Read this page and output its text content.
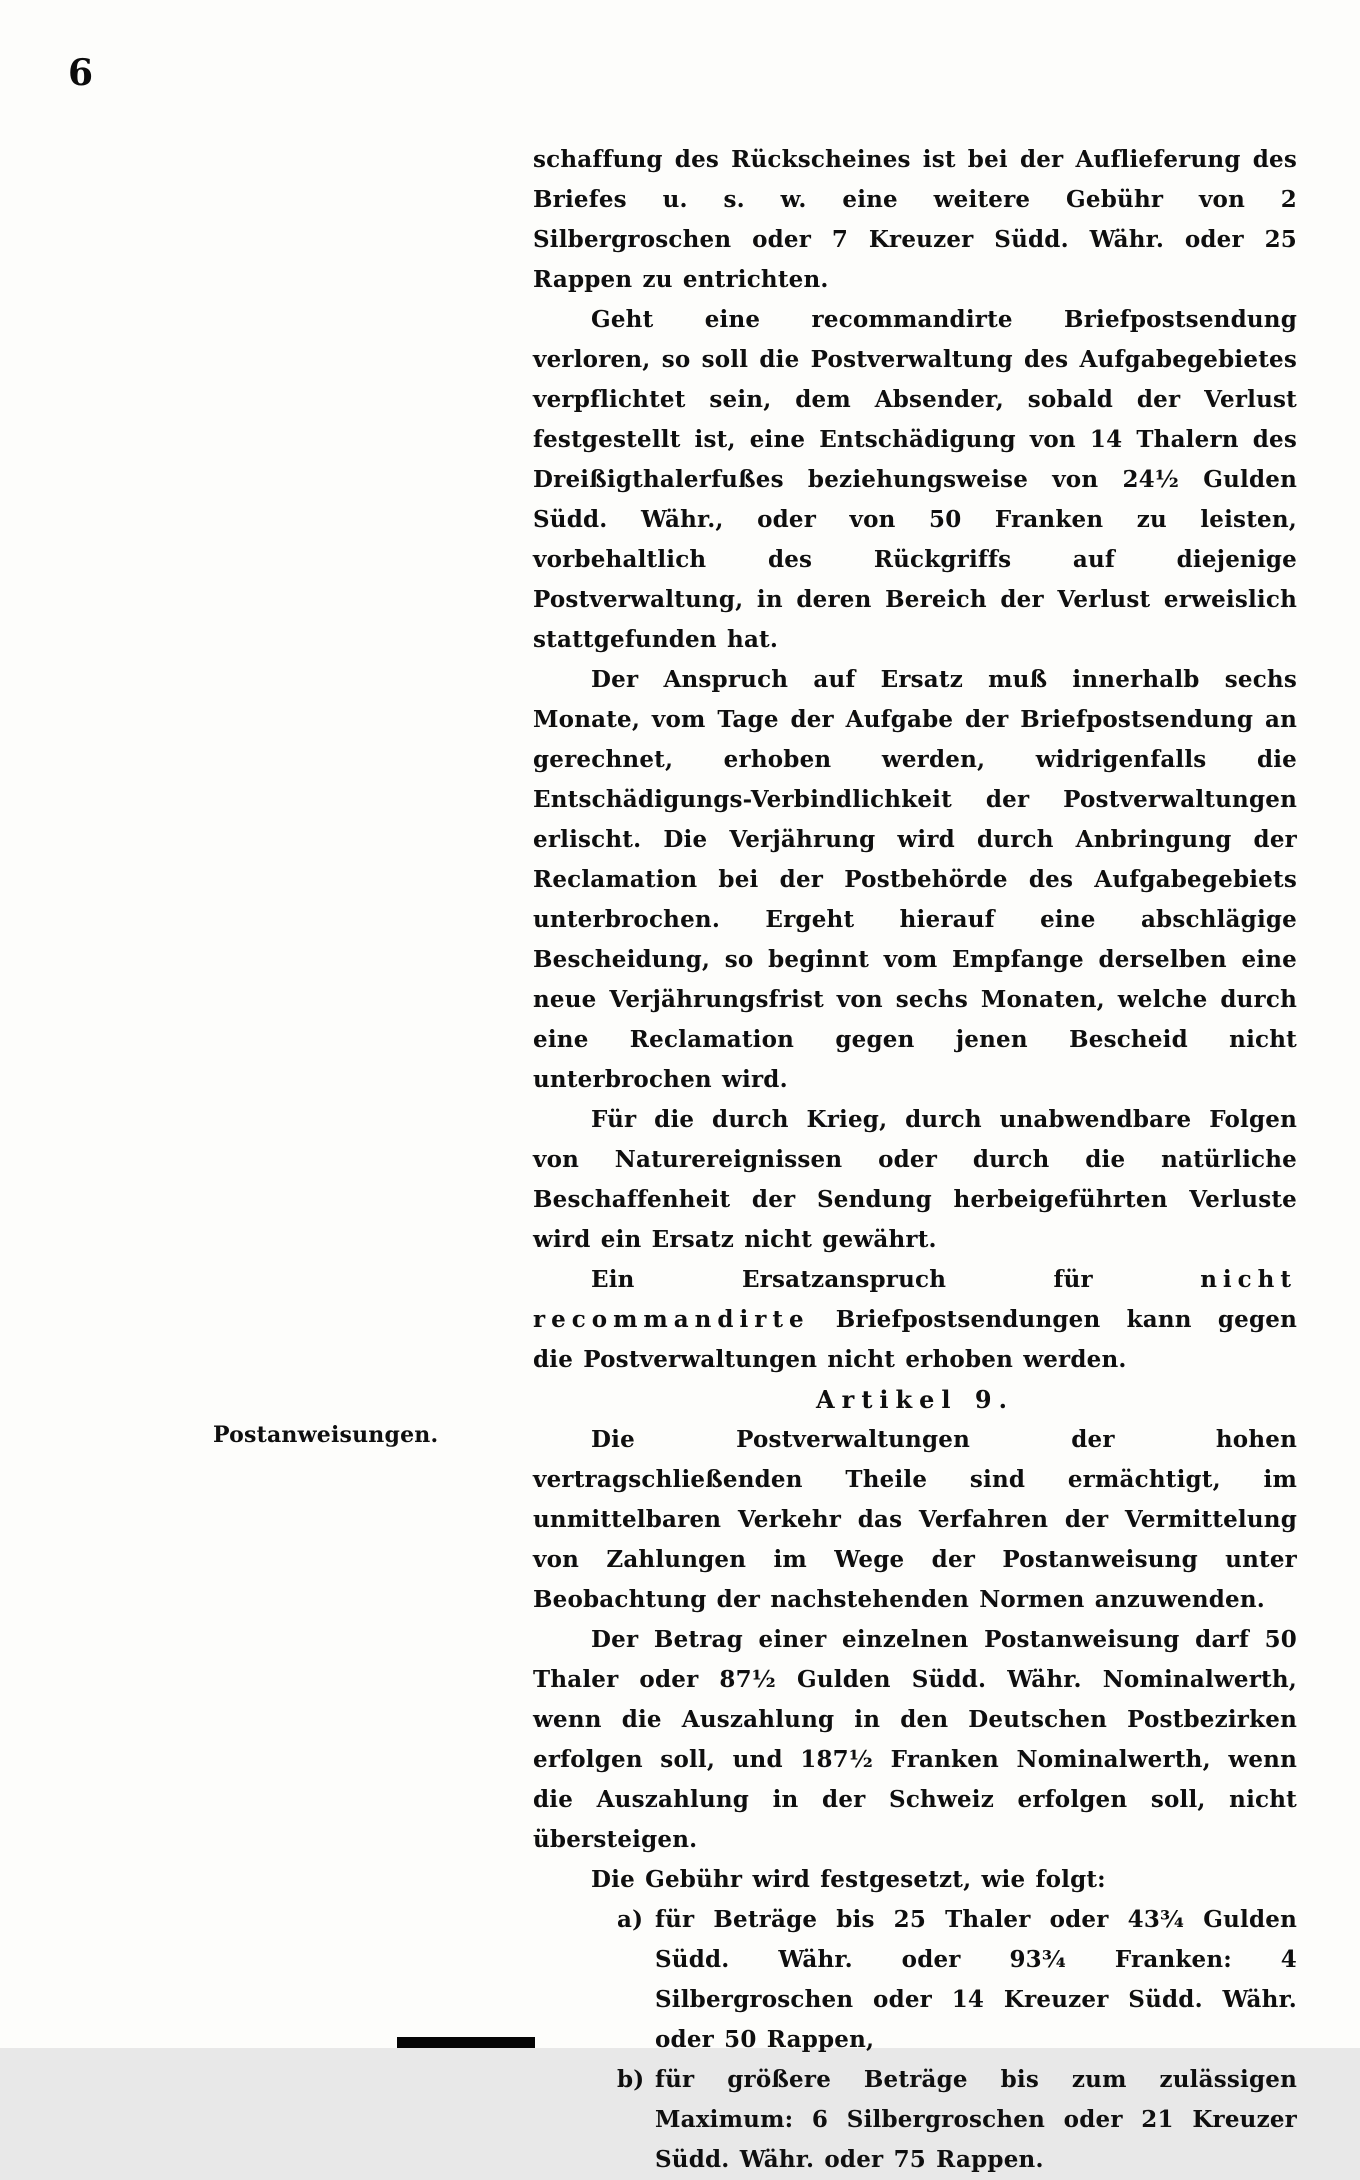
6

schaffung des Rückscheines ist bei der Auflieferung des Briefes u. s. w. eine weitere Gebühr von 2 Silbergroschen oder 7 Kreuzer Südd. Währ. oder 25 Rappen zu entrichten.

Geht eine recommandirte Briefpostsendung verloren, so soll die Postverwaltung des Aufgabegebietes verpflichtet sein, dem Absender, sobald der Verlust festgestellt ist, eine Entschädigung von 14 Thalern des Dreißigthalerfußes beziehungsweise von 24½ Gulden Südd. Währ., oder von 50 Franken zu leisten, vorbehaltlich des Rückgriffs auf diejenige Postverwaltung, in deren Bereich der Verlust erweislich stattgefunden hat.

Der Anspruch auf Ersatz muß innerhalb sechs Monate, vom Tage der Aufgabe der Briefpostsendung an gerechnet, erhoben werden, widrigenfalls die Entschädigungs-Verbindlichkeit der Postverwaltungen erlischt. Die Verjährung wird durch Anbringung der Reclamation bei der Postbehörde des Aufgabegebiets unterbrochen. Ergeht hierauf eine abschlägige Bescheidung, so beginnt vom Empfange derselben eine neue Verjährungsfrist von sechs Monaten, welche durch eine Reclamation gegen jenen Bescheid nicht unterbrochen wird.

Für die durch Krieg, durch unabwendbare Folgen von Naturereignissen oder durch die natürliche Beschaffenheit der Sendung herbeigeführten Verluste wird ein Ersatz nicht gewährt.

Ein Ersatzanspruch für nicht recommandirte Briefpostsendungen kann gegen die Postverwaltungen nicht erhoben werden.

Artikel 9.
Postanweisungen.	Die Postverwaltungen der hohen vertragschließenden Theile sind ermächtigt, im unmittelbaren Verkehr das Verfahren der Vermittelung von Zahlungen im Wege der Postanweisung unter Beobachtung der nachstehenden Normen anzuwenden.

Der Betrag einer einzelnen Postanweisung darf 50 Thaler oder 87½ Gulden Südd. Währ. Nominalwerth, wenn die Auszahlung in den Deutschen Postbezirken erfolgen soll, und 187½ Franken Nominalwerth, wenn die Auszahlung in der Schweiz erfolgen soll, nicht übersteigen.

Die Gebühr wird festgesetzt, wie folgt:

a) für Beträge bis 25 Thaler oder 43¾ Gulden Südd. Währ. oder 93¾ Franken: 4 Silbergroschen oder 14 Kreuzer Südd. Währ. oder 50 Rappen,
b) für größere Beträge bis zum zulässigen Maximum: 6 Silbergroschen oder 21 Kreuzer Südd. Währ. oder 75 Rappen.
